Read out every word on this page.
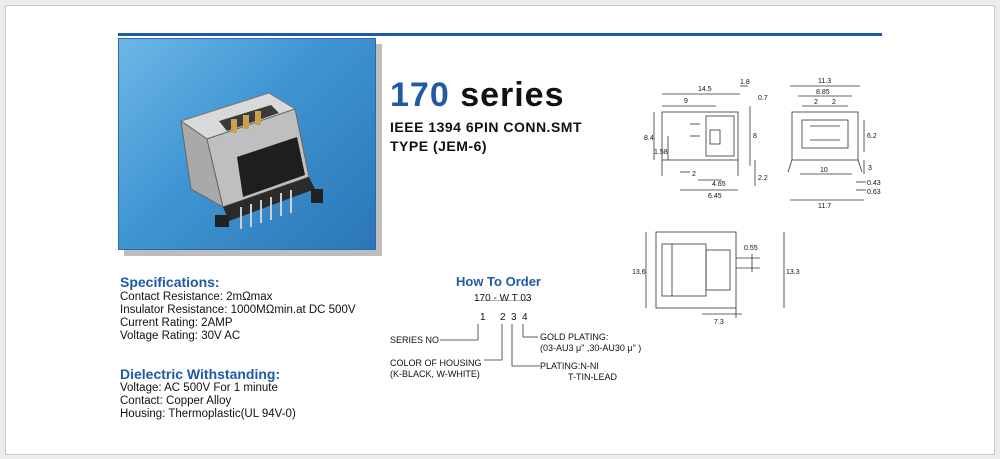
170 series
IEEE 1394 6PIN CONN.SMT
TYPE (JEM-6)
Specifications:
Contact Resistance: 2mΩmax
Insulator Resistance: 1000MΩmin.at DC 500V
Current Rating: 2AMP
Voltage Rating: 30V AC
Dielectric Withstanding:
Voltage: AC 500V For 1 minute
Contact: Copper Alloy
Housing: Thermoplastic(UL 94V-0)
How To Order
170 - W T 03
1 2 3 4
SERIES NO
COLOR OF HOUSING
(K-BLACK, W-WHITE)
GOLD PLATING:
(03-AU3 μ" ,30-AU30 μ" )
PLATING:N-NI
T-TIN-LEAD
14.5
1.8
9	0.7
8.4
1.58
8
2.2
4.65
2
6.45
11.3
8.85
2 2
6.2
10	3
0.43
0.63
11.7
0.55
13.6	13.3
7.3
